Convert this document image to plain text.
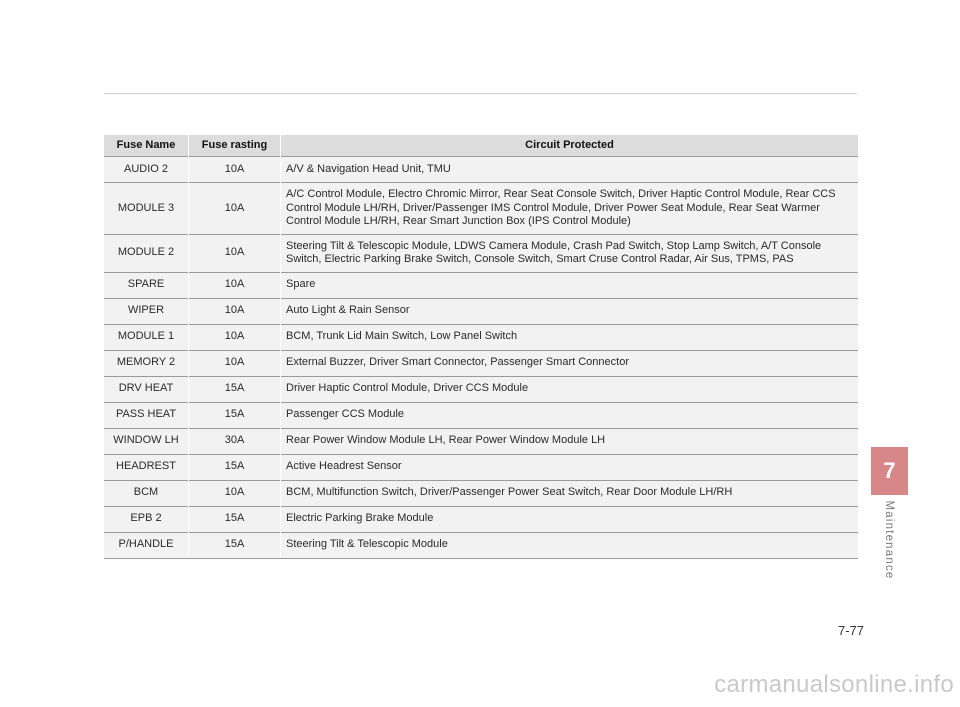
Fuse Name	Fuse rasting	Circuit Protected
AUDIO 2	10A	A/V & Navigation Head Unit, TMU
MODULE 3	10A	A/C Control Module, Electro Chromic Mirror, Rear Seat Console Switch, Driver Haptic Control Module, Rear CCS Control Module LH/RH, Driver/Passenger IMS Control Module, Driver Power Seat Module, Rear Seat Warmer Control Module LH/RH, Rear Smart Junction Box (IPS Control Module)
MODULE 2	10A	Steering Tilt & Telescopic Module, LDWS Camera Module, Crash Pad Switch, Stop Lamp Switch, A/T Console Switch, Electric Parking Brake Switch, Console Switch, Smart Cruse Control Radar, Air Sus, TPMS, PAS
SPARE	10A	Spare
WIPER	10A	Auto Light & Rain Sensor
MODULE 1	10A	BCM, Trunk Lid Main Switch, Low Panel Switch
MEMORY 2	10A	External Buzzer, Driver Smart Connector, Passenger Smart Connector
DRV HEAT	15A	Driver Haptic Control Module, Driver CCS Module
PASS HEAT	15A	Passenger CCS Module
WINDOW LH	30A	Rear Power Window Module LH, Rear Power Window Module LH
HEADREST	15A	Active Headrest Sensor
BCM	10A	BCM, Multifunction Switch, Driver/Passenger Power Seat Switch, Rear Door Module LH/RH
EPB 2	15A	Electric Parking Brake Module
P/HANDLE	15A	Steering Tilt & Telescopic Module
7
Maintenance
7-77
carmanualsonline.info
